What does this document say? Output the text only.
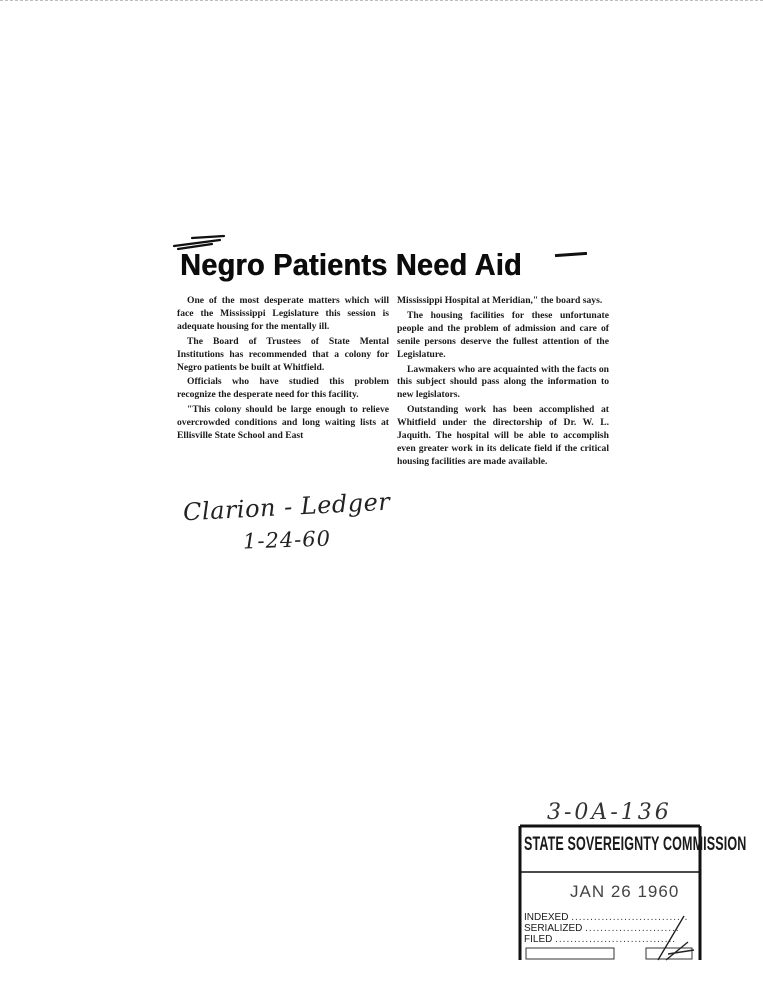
Negro Patients Need Aid

One of the most desperate matters which will face the Mississippi Legislature this session is adequate housing for the mentally ill.

The Board of Trustees of State Mental Institutions has recommended that a colony for Negro patients be built at Whitfield.

Officials who have studied this problem recognize the desperate need for this facility.

"This colony should be large enough to relieve overcrowded conditions and long waiting lists at Ellisville State School and East

Mississippi Hospital at Meridian," the board says.

The housing facilities for these unfortunate people and the problem of admission and care of senile persons deserve the fullest attention of the Legislature.

Lawmakers who are acquainted with the facts on this subject should pass along the information to new legislators.

Outstanding work has been accomplished at Whitfield under the directorship of Dr. W. L. Jaquith. The hospital will be able to accomplish even greater work in its delicate field if the critical housing facilities are made available.

Clarion - Ledger
1-24-60
3-0A-136
STATE SOVEREIGNTY COMMISSION
JAN 26 1960
INDEXED ...............................
SERIALIZED .........................
FILED ................................
